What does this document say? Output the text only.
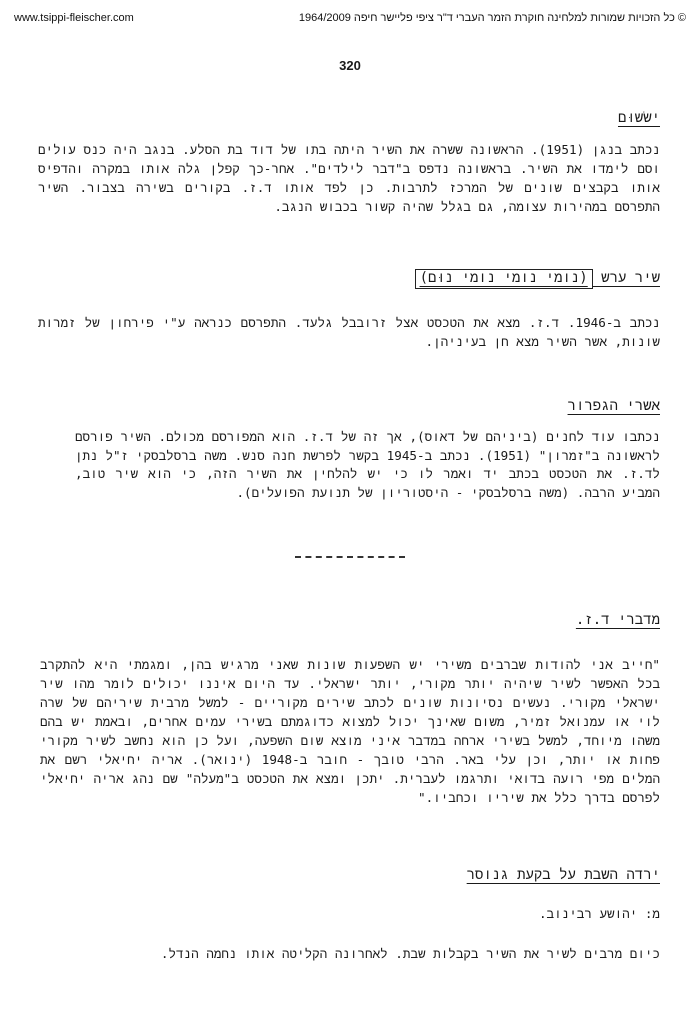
www.tsippi-fleischer.com	© כל הזכויות שמורות למלחינה חוקרת הזמר העברי ד"ר ציפי פליישר חיפה 1964/2009
320
ישׂשוּם

נכתב בנגן (1951). הראשונה ששרה את השיר היתה בתו של דוד בת הסלע. בנגב היה כנס עולים וסם לימדו את השיר. בראשונה נדפס ב"דבר לילדים". אחר-כך קפלן גלה אותו במקרה והדפיס אותו בקבצים שונים של המרכז לתרבות. כן לפד אותו ד.ז. בקורים בשירה בצבור. השיר התפרסם במהירות עצומה, גם בגלל שהיה קשור בכבוש הנגב.

שיר ערש (נומי נומי נומי נוּם)

נכתב ב-1946. ד.ז. מצא את הטכסט אצל זרובבל גלעד. התפרסם כנראה ע"י פירחון של זמרות שונות, אשר השיר מצא חן בעיניהן.

אשרי הגפרור

נכתבו עוד לחנים (ביניהם של דאוס), אך זה של ד.ז. הוא המפורסם מכולם. השיר פורסם לראשונה ב"זמרון" (1951). נכתב ב-1945 בקשר לפרשת חנה סנש. משה ברסלבסקי ז"ל נתן לד.ז. את הטכסט בכתב יד ואמר לו כי יש להלחין את השיר הזה, כי הוא שיר טוב, המביע הרבה. (משה ברסלבסקי - היסטוריון של תנועת הפועלים).

מדברי ד.ז.

"חייב אני להודות שברבים משירי יש השפעות שונות שאני מרגיש בהן, ומגמתי היא להתקרב בכל האפשר לשיר שיהיה יותר מקורי, יותר ישראלי. עד היום איננו יכולים לומר מהו שיר ישראלי מקורי. נעשים נסיונות שונים לכתב שירים מקוריים - למשל מרבית שיריהם של שרה לוי או עמנואל זמיר, משום שאינך יכול למצוא כדוגמתם בשירי עמים אחרים, ובאמת יש בהם משהו מיוחד, למשל בשירי ארחה במדבר איני מוצא שום השפעה, ועל כן הוא נחשב לשיר מקורי פחות או יותר, וכן עלי באר. הרבי טובך - חובר ב-1948 (ינואר). אריה יחיאלי רשם את המלים מפי רועה בדואי ותרגמו לעברית. יתכן ומצא את הטכסט ב"מעלה" שם נהג אריה יחיאלי לפרסם בדרך כלל את שיריו וכחביו."

ירדה השבת על בקעת גנוסר

מ: יהושע רבינוב.

כיום מרבים לשיר את השיר בקבלות שבת. לאחרונה הקליטה אותו נחמה הנדל.
